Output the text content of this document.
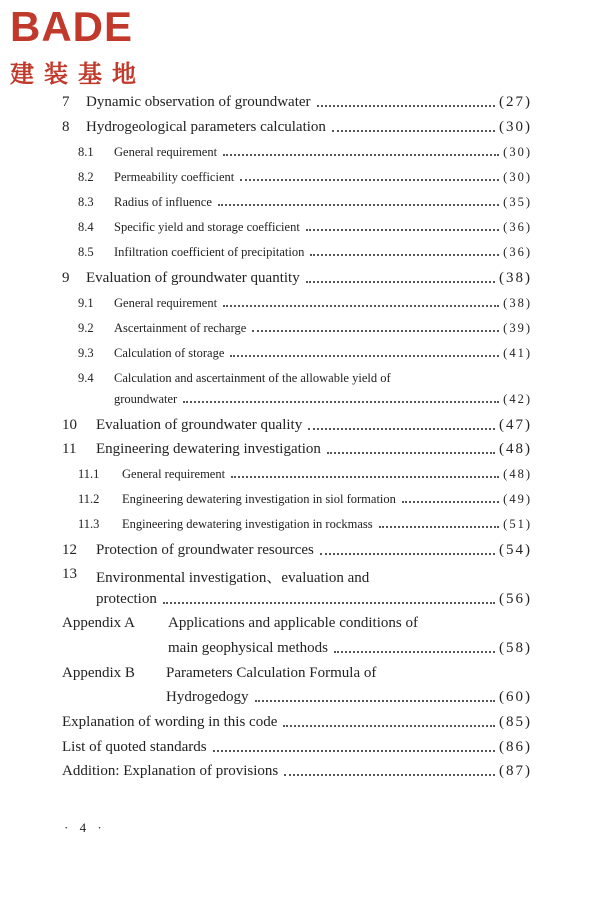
BADE
建装基地
7 Dynamic observation of groundwater	(27)
8 Hydrogeological parameters calculation	(30)
8.1 General requirement	(30)
8.2 Permeability coefficient	(30)
8.3 Radius of influence	(35)
8.4 Specific yield and storage coefficient	(36)
8.5 Infiltration coefficient of precipitation	(36)
9 Evaluation of groundwater quantity	(38)
9.1 General requirement	(38)
9.2 Ascertainment of recharge	(39)
9.3 Calculation of storage	(41)
9.4 Calculation and ascertainment of the allowable yield of
groundwater	(42)
10 Evaluation of groundwater quality	(47)
11 Engineering dewatering investigation	(48)
11.1 General requirement	(48)
11.2 Engineering dewatering investigation in siol formation	(49)
11.3 Engineering dewatering investigation in rockmass	(51)
12 Protection of groundwater resources	(54)
13 Environmental investigation、evaluation and
protection	(56)
Appendix A Applications and applicable conditions of
main geophysical methods	(58)
Appendix B Parameters Calculation Formula of
Hydrogedogy	(60)
Explanation of wording in this code	(85)
List of quoted standards	(86)
Addition: Explanation of provisions	(87)
· 4 ·
